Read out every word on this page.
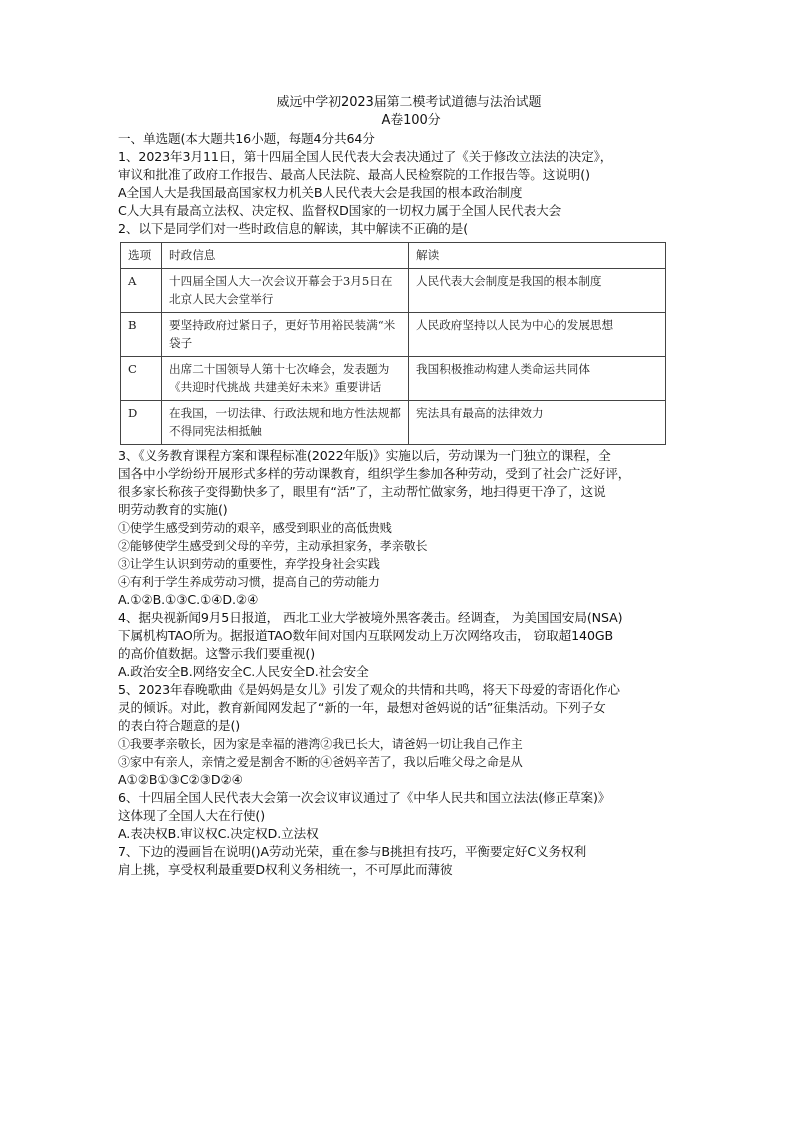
威远中学初2023届第二模考试道德与法治试题
A卷100分
一、单选题(本大题共16小题，每题4分共64分
1、2023年3月11日，第十四届全国人民代表大会表决通过了《关于修改立法法的决定》，
审议和批准了政府工作报告、最高人民法院、最高人民检察院的工作报告等。这说明()
A全国人大是我国最高国家权力机关B人民代表大会是我国的根本政治制度
C人大具有最高立法权、决定权、监督权D国家的一切权力属于全国人民代表大会
2、以下是同学们对一些时政信息的解读，其中解读不正确的是(
选项	时政信息	解读
A	十四届全国人大一次会议开幕会于3月5日在北京人民大会堂举行	人民代表大会制度是我国的根本制度
B	要坚持政府过紧日子，更好节用裕民装满“米袋子	人民政府坚持以人民为中心的发展思想
C	出席二十国领导人第十七次峰会，发表题为《共迎时代挑战 共建美好未来》重要讲话	我国积极推动构建人类命运共同体
D	在我国，一切法律、行政法规和地方性法规都不得同宪法相抵触	宪法具有最高的法律效力
3、《义务教育课程方案和课程标准(2022年版)》实施以后，劳动课为一门独立的课程，全
国各中小学纷纷开展形式多样的劳动课教育，组织学生参加各种劳动，受到了社会广泛好评，
很多家长称孩子变得勤快多了，眼里有“活”了，主动帮忙做家务，地扫得更干净了，这说
明劳动教育的实施()
①使学生感受到劳动的艰辛，感受到职业的高低贵贱
②能够使学生感受到父母的辛劳，主动承担家务，孝亲敬长
③让学生认识到劳动的重要性，弃学投身社会实践
④有利于学生养成劳动习惯，提高自己的劳动能力
A.①②B.①③C.①④D.②④
4、据央视新闻9月5日报道， 西北工业大学被境外黑客袭击。经调查， 为美国国安局(NSA)
下属机构TAO所为。据报道TAO数年间对国内互联网发动上万次网络攻击， 窃取超140GB
的高价值数据。这警示我们要重视()
A.政治安全B.网络安全C.人民安全D.社会安全
5、2023年春晚歌曲《是妈妈是女儿》引发了观众的共情和共鸣，将天下母爱的寄语化作心
灵的倾诉。对此，教育新闻网发起了“新的一年，最想对爸妈说的话”征集活动。下列子女
的表白符合题意的是()
①我要孝亲敬长，因为家是幸福的港湾②我已长大，请爸妈一切让我自己作主
③家中有亲人，亲情之爱是割舍不断的④爸妈辛苦了，我以后唯父母之命是从
A①②B①③C②③D②④
6、十四届全国人民代表大会第一次会议审议通过了《中华人民共和国立法法(修正草案)》
这体现了全国人大在行使()
A.表决权B.审议权C.决定权D.立法权
7、下边的漫画旨在说明()A劳动光荣，重在参与B挑担有技巧，平衡要定好C义务权利
肩上挑，享受权利最重要D权利义务相统一，不可厚此而薄彼
